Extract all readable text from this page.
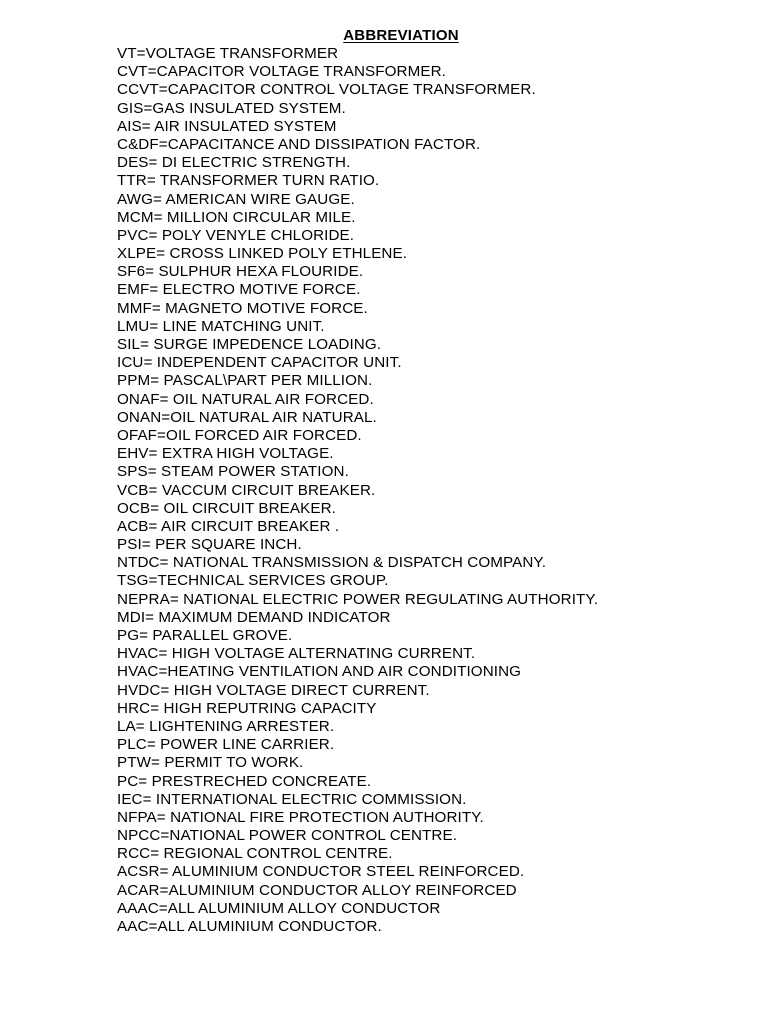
ABBREVIATION
VT=VOLTAGE TRANSFORMER
CVT=CAPACITOR VOLTAGE TRANSFORMER.
CCVT=CAPACITOR CONTROL VOLTAGE TRANSFORMER.
GIS=GAS INSULATED SYSTEM.
AIS= AIR INSULATED SYSTEM
C&DF=CAPACITANCE AND DISSIPATION FACTOR.
DES= DI ELECTRIC STRENGTH.
TTR= TRANSFORMER TURN RATIO.
AWG= AMERICAN WIRE GAUGE.
MCM= MILLION CIRCULAR MILE.
PVC= POLY VENYLE CHLORIDE.
XLPE= CROSS LINKED POLY ETHLENE.
SF6= SULPHUR HEXA FLOURIDE.
EMF= ELECTRO MOTIVE FORCE.
MMF= MAGNETO MOTIVE FORCE.
LMU= LINE MATCHING UNIT.
SIL= SURGE IMPEDENCE LOADING.
ICU= INDEPENDENT CAPACITOR UNIT.
PPM= PASCAL\PART PER MILLION.
ONAF= OIL NATURAL AIR FORCED.
ONAN=OIL NATURAL AIR NATURAL.
OFAF=OIL FORCED AIR FORCED.
EHV= EXTRA HIGH VOLTAGE.
SPS= STEAM POWER STATION.
VCB= VACCUM CIRCUIT BREAKER.
OCB= OIL CIRCUIT BREAKER.
ACB= AIR CIRCUIT BREAKER .
PSI= PER SQUARE INCH.
NTDC= NATIONAL TRANSMISSION & DISPATCH COMPANY.
TSG=TECHNICAL SERVICES GROUP.
NEPRA= NATIONAL ELECTRIC POWER REGULATING AUTHORITY.
MDI= MAXIMUM DEMAND INDICATOR
PG= PARALLEL GROVE.
HVAC= HIGH VOLTAGE ALTERNATING CURRENT.
HVAC=HEATING VENTILATION AND AIR CONDITIONING
HVDC= HIGH VOLTAGE DIRECT CURRENT.
HRC= HIGH REPUTRING CAPACITY
LA= LIGHTENING ARRESTER.
PLC= POWER LINE CARRIER.
PTW= PERMIT TO WORK.
PC= PRESTRECHED CONCREATE.
IEC= INTERNATIONAL ELECTRIC COMMISSION.
NFPA= NATIONAL FIRE PROTECTION AUTHORITY.
NPCC=NATIONAL POWER CONTROL CENTRE.
RCC= REGIONAL CONTROL CENTRE.
ACSR= ALUMINIUM CONDUCTOR STEEL REINFORCED.
ACAR=ALUMINIUM CONDUCTOR ALLOY REINFORCED
AAAC=ALL ALUMINIUM ALLOY CONDUCTOR
AAC=ALL ALUMINIUM CONDUCTOR.
